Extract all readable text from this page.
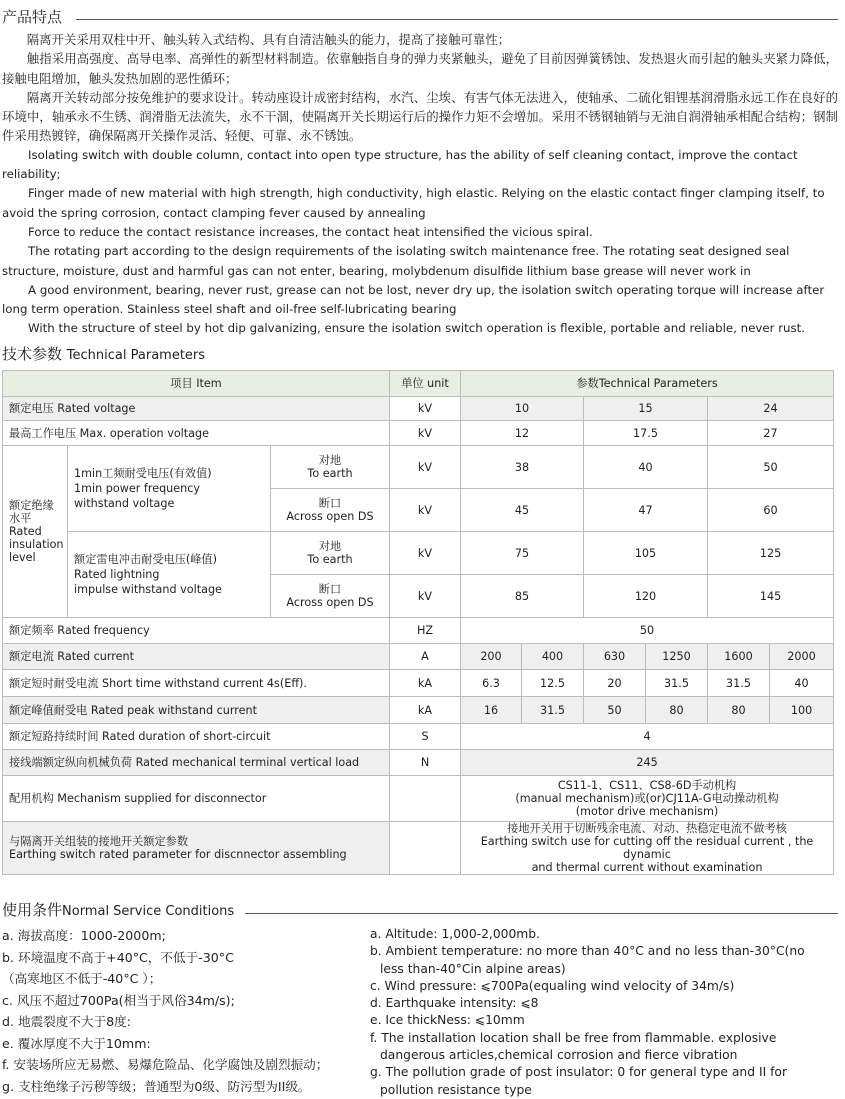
产品特点

隔离开关采用双柱中开、触头转入式结构、具有自清洁触头的能力，提高了接触可靠性；

触指采用高强度、高导电率、高弹性的新型材料制造。依靠触指自身的弹力夹紧触头，避免了目前因弹簧锈蚀、发热退火而引起的触头夹紧力降低，接触电阻增加，触头发热加剧的恶性循环；

隔离开关转动部分按免维护的要求设计。转动座设计成密封结构，水汽、尘埃、有害气体无法进入，使轴承、二硫化钼锂基润滑脂永远工作在良好的环境中，轴承永不生锈、润滑脂无法流失，永不干涸，使隔离开关长期运行后的操作力矩不会增加。采用不锈钢轴销与无油自润滑轴承相配合结构；钢制件采用热镀锌，确保隔离开关操作灵活、轻便、可靠、永不锈蚀。

Isolating switch with double column, contact into open type structure, has the ability of self cleaning contact, improve the contact reliability;

Finger made of new material with high strength, high conductivity, high elastic. Relying on the elastic contact finger clamping itself, to avoid the spring corrosion, contact clamping fever caused by annealing

Force to reduce the contact resistance increases, the contact heat intensified the vicious spiral.

The rotating part according to the design requirements of the isolating switch maintenance free. The rotating seat designed seal structure, moisture, dust and harmful gas can not enter, bearing, molybdenum disulfide lithium base grease will never work in

A good environment, bearing, never rust, grease can not be lost, never dry up, the isolation switch operating torque will increase after long term operation. Stainless steel shaft and oil-free self-lubricating bearing

With the structure of steel by hot dip galvanizing, ensure the isolation switch operation is flexible, portable and reliable, never rust.

技术参数 Technical Parameters
项目 Item			单位 unit	参数Technical Parameters					
额定电压 Rated voltage			kV	10		15		24	
最高工作电压 Max. operation voltage			kV	12		17.5		27	
额定绝缘
水平
Rated
insulation
level	1min工频耐受电压(有效值)
1min power frequency
withstand voltage	对地
To earth	kV	38		40		50	
		断口
Across open DS	kV	45		47		60	
	额定雷电冲击耐受电压(峰值)
Rated lightning
impulse withstand voltage	对地
To earth	kV	75		105		125	
		断口
Across open DS	kV	85		120		145	
额定频率 Rated frequency			HZ	50					
额定电流 Rated current			A	200	400	630	1250	1600	2000
额定短时耐受电流 Short time withstand current 4s(Eff).			kA	6.3	12.5	20	31.5	31.5	40
额定峰值耐受电 Rated peak withstand current			kA	16	31.5	50	80	80	100
额定短路持续时间 Rated duration of short-circuit			S	4					
接线端额定纵向机械负荷 Rated mechanical terminal vertical load			N	245					
配用机构 Mechanism supplied for disconnector				CS11-1、CS11、CS8-6D手动机构
(manual mechanism)或(or)CJ11A-G电动操动机构
(motor drive mechanism)					
与隔离开关组装的接地开关额定参数
Earthing switch rated parameter for discnnector assembling				接地开关用于切断残余电流、对动、热稳定电流不做考核
Earthing switch use for cutting off the residual current , the dynamic
and thermal current without examination					
使用条件Normal Service Conditions
a. 海拔高度：1000-2000m;
b. 环境温度不高于+40°C，不低于-30°C
（高寒地区不低于-40°C ）；
c. 风压不超过700Pa(相当于风俗34m/s);
d. 地震裂度不大于8度:
e. 覆冰厚度不大于10mm:
f. 安装场所应无易燃、易爆危险品、化学腐蚀及剧烈振动；
g. 支柱绝缘子污秽等级；普通型为0级、防污型为II级。
a. Altitude: 1,000-2,000mb.
b. Ambient temperature: no more than 40°C and no less than-30°C(no less than-40°Cin alpine areas)
c. Wind pressure: ⩽700Pa(equaling wind velocity of 34m/s)
d. Earthquake intensity: ⩽8
e. Ice thickNess: ⩽10mm
f. The installation location shall be free from flammable. explosive dangerous articles,chemical corrosion and fierce vibration
g. The pollution grade of post insulator: 0 for general type and II for pollution resistance type
